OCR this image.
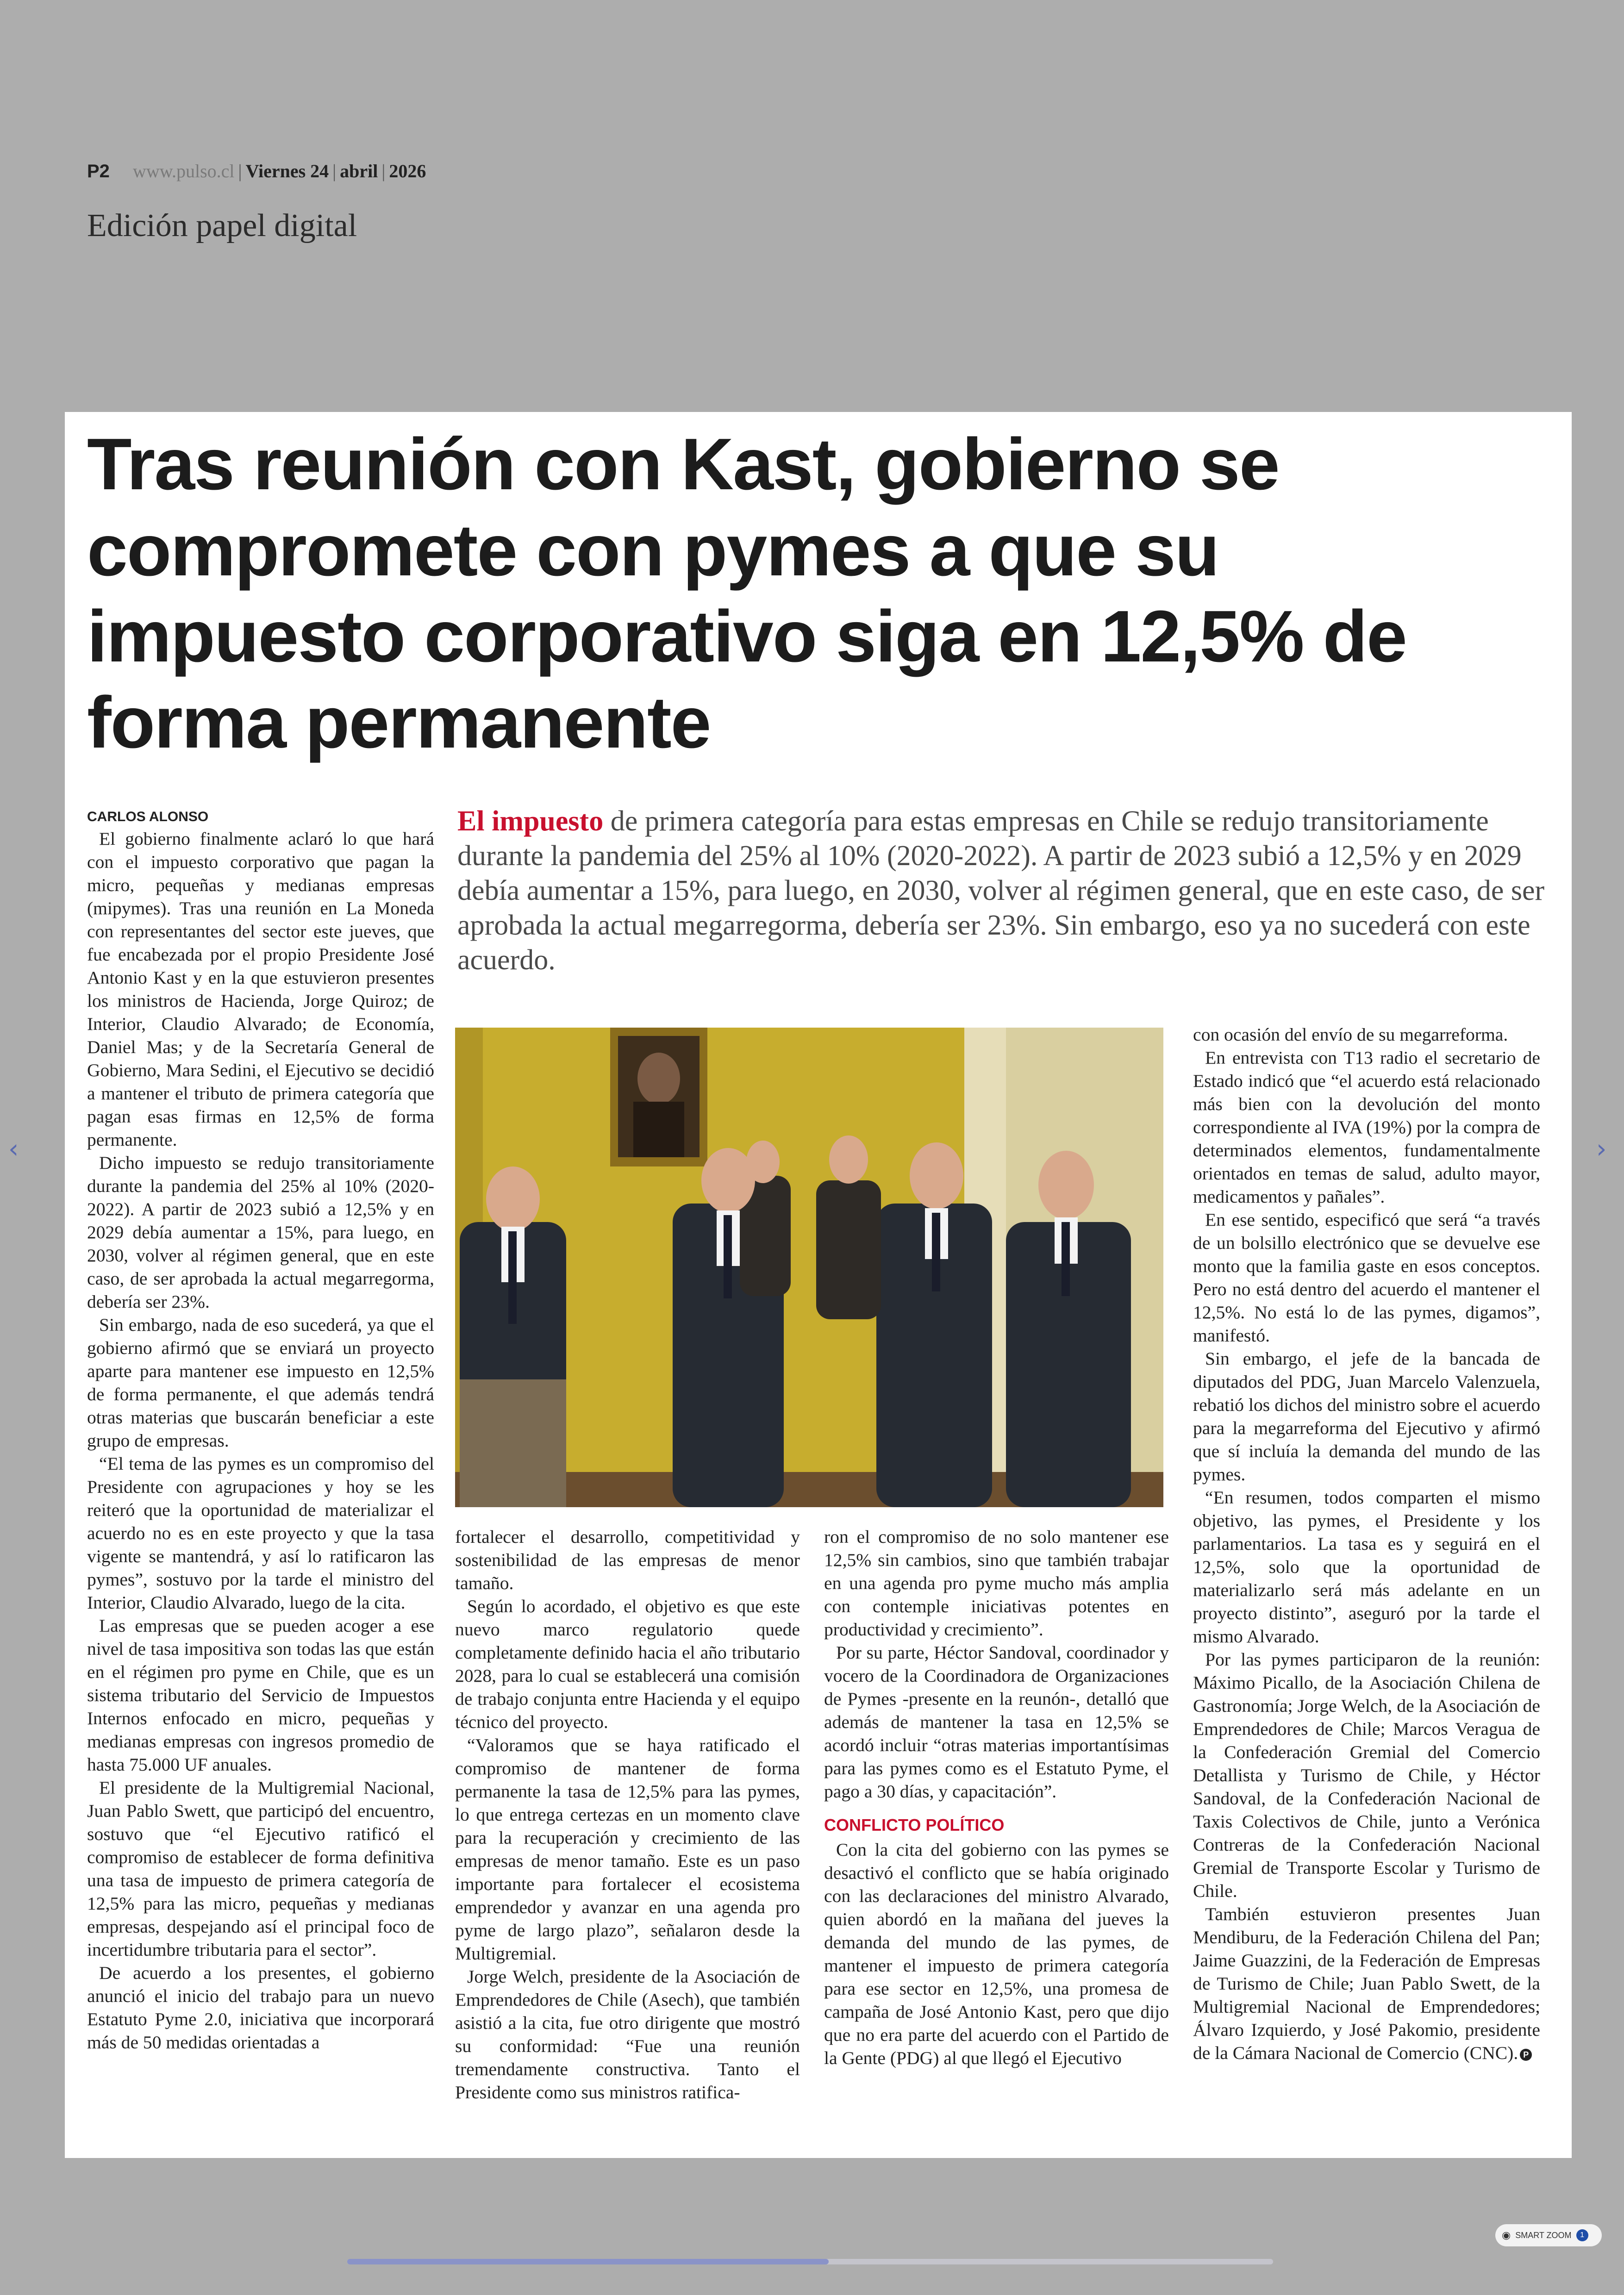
P2 www.pulso.cl | Viernes 24 | abril | 2026
Edición papel digital
Tras reunión con Kast, gobierno se compromete con pymes a que su impuesto corporativo siga en 12,5% de forma permanente

CARLOS ALONSO

El gobierno finalmente aclaró lo que hará con el impuesto corporativo que pagan la micro, pequeñas y medianas empresas (mipymes). Tras una reunión en La Moneda con representantes del sector este jueves, que fue encabezada por el propio Presidente José Antonio Kast y en la que estuvieron presentes los ministros de Hacienda, Jorge Quiroz; de Interior, Claudio Alvarado; de Economía, Daniel Mas; y de la Secretaría General de Gobierno, Mara Sedini, el Ejecutivo se decidió a mantener el tributo de primera categoría que pagan esas firmas en 12,5% de forma permanente.

Dicho impuesto se redujo transitoriamente durante la pandemia del 25% al 10% (2020-2022). A partir de 2023 subió a 12,5% y en 2029 debía aumentar a 15%, para luego, en 2030, volver al régimen general, que en este caso, de ser aprobada la actual megarregorma, debería ser 23%.

Sin embargo, nada de eso sucederá, ya que el gobierno afirmó que se enviará un proyecto aparte para mantener ese impuesto en 12,5% de forma permanente, el que además tendrá otras materias que buscarán beneficiar a este grupo de empresas.

“El tema de las pymes es un compromiso del Presidente con agrupaciones y hoy se les reiteró que la oportunidad de materializar el acuerdo no es en este proyecto y que la tasa vigente se mantendrá, y así lo ratificaron las pymes”, sostuvo por la tarde el ministro del Interior, Claudio Alvarado, luego de la cita.

Las empresas que se pueden acoger a ese nivel de tasa impositiva son todas las que están en el régimen pro pyme en Chile, que es un sistema tributario del Servicio de Impuestos Internos enfocado en micro, pequeñas y medianas empresas con ingresos promedio de hasta 75.000 UF anuales.

El presidente de la Multigremial Nacional, Juan Pablo Swett, que participó del encuentro, sostuvo que “el Ejecutivo ratificó el compromiso de establecer de forma definitiva una tasa de impuesto de primera categoría de 12,5% para las micro, pequeñas y medianas empresas, despejando así el principal foco de incertidumbre tributaria para el sector”.

De acuerdo a los presentes, el gobierno anunció el inicio del trabajo para un nuevo Estatuto Pyme 2.0, iniciativa que incorporará más de 50 medidas orientadas a

El impuesto de primera categoría para estas empresas en Chile se redujo transitoriamente durante la pandemia del 25% al 10% (2020-2022). A partir de 2023 subió a 12,5% y en 2029 debía aumentar a 15%, para luego, en 2030, volver al régimen general, que en este caso, de ser aprobada la actual megarregorma, debería ser 23%. Sin embargo, eso ya no sucederá con este acuerdo.

fortalecer el desarrollo, competitividad y sostenibilidad de las empresas de menor tamaño.

Según lo acordado, el objetivo es que este nuevo marco regulatorio quede completamente definido hacia el año tributario 2028, para lo cual se establecerá una comisión de trabajo conjunta entre Hacienda y el equipo técnico del proyecto.

“Valoramos que se haya ratificado el compromiso de mantener de forma permanente la tasa de 12,5% para las pymes, lo que entrega certezas en un momento clave para la recuperación y crecimiento de las empresas de menor tamaño. Este es un paso importante para fortalecer el ecosistema emprendedor y avanzar en una agenda pro pyme de largo plazo”, señalaron desde la Multigremial.

Jorge Welch, presidente de la Asociación de Emprendedores de Chile (Asech), que también asistió a la cita, fue otro dirigente que mostró su conformidad: “Fue una reunión tremendamente constructiva. Tanto el Presidente como sus ministros ratifica-

ron el compromiso de no solo mantener ese 12,5% sin cambios, sino que también trabajar en una agenda pro pyme mucho más amplia con contemple iniciativas potentes en productividad y crecimiento”.

Por su parte, Héctor Sandoval, coordinador y vocero de la Coordinadora de Organizaciones de Pymes -presente en la reunón-, detalló que además de mantener la tasa en 12,5% se acordó incluir “otras materias importantísimas para las pymes como es el Estatuto Pyme, el pago a 30 días, y capacitación”.

CONFLICTO POLÍTICO

Con la cita del gobierno con las pymes se desactivó el conflicto que se había originado con las declaraciones del ministro Alvarado, quien abordó en la mañana del jueves la demanda del mundo de las pymes, de mantener el impuesto de primera categoría para ese sector en 12,5%, una promesa de campaña de José Antonio Kast, pero que dijo que no era parte del acuerdo con el Partido de la Gente (PDG) al que llegó el Ejecutivo

con ocasión del envío de su megarreforma.

En entrevista con T13 radio el secretario de Estado indicó que “el acuerdo está relacionado más bien con la devolución del monto correspondiente al IVA (19%) por la compra de determinados elementos, fundamentalmente orientados en temas de salud, adulto mayor, medicamentos y pañales”.

En ese sentido, especificó que será “a través de un bolsillo electrónico que se devuelve ese monto que la familia gaste en esos conceptos. Pero no está dentro del acuerdo el mantener el 12,5%. No está lo de las pymes, digamos”, manifestó.

Sin embargo, el jefe de la bancada de diputados del PDG, Juan Marcelo Valenzuela, rebatió los dichos del ministro sobre el acuerdo para la megarreforma del Ejecutivo y afirmó que sí incluía la demanda del mundo de las pymes.

“En resumen, todos comparten el mismo objetivo, las pymes, el Presidente y los parlamentarios. La tasa es y seguirá en el 12,5%, solo que la oportunidad de materializarlo será más adelante en un proyecto distinto”, aseguró por la tarde el mismo Alvarado.

Por las pymes participaron de la reunión: Máximo Picallo, de la Asociación Chilena de Gastronomía; Jorge Welch, de la Asociación de Emprendedores de Chile; Marcos Veragua de la Confederación Gremial del Comercio Detallista y Turismo de Chile, y Héctor Sandoval, de la Confederación Nacional de Taxis Colectivos de Chile, junto a Verónica Contreras de la Confederación Nacional Gremial de Transporte Escolar y Turismo de Chile.

También estuvieron presentes Juan Mendiburu, de la Federación Chilena del Pan; Jaime Guazzini, de la Federación de Empresas de Turismo de Chile; Juan Pablo Swett, de la Multigremial Nacional de Emprendedores; Álvaro Izquierdo, y José Pakomio, presidente de la Cámara Nacional de Comercio (CNC). P

‹	›
◉ SMART ZOOM	1
